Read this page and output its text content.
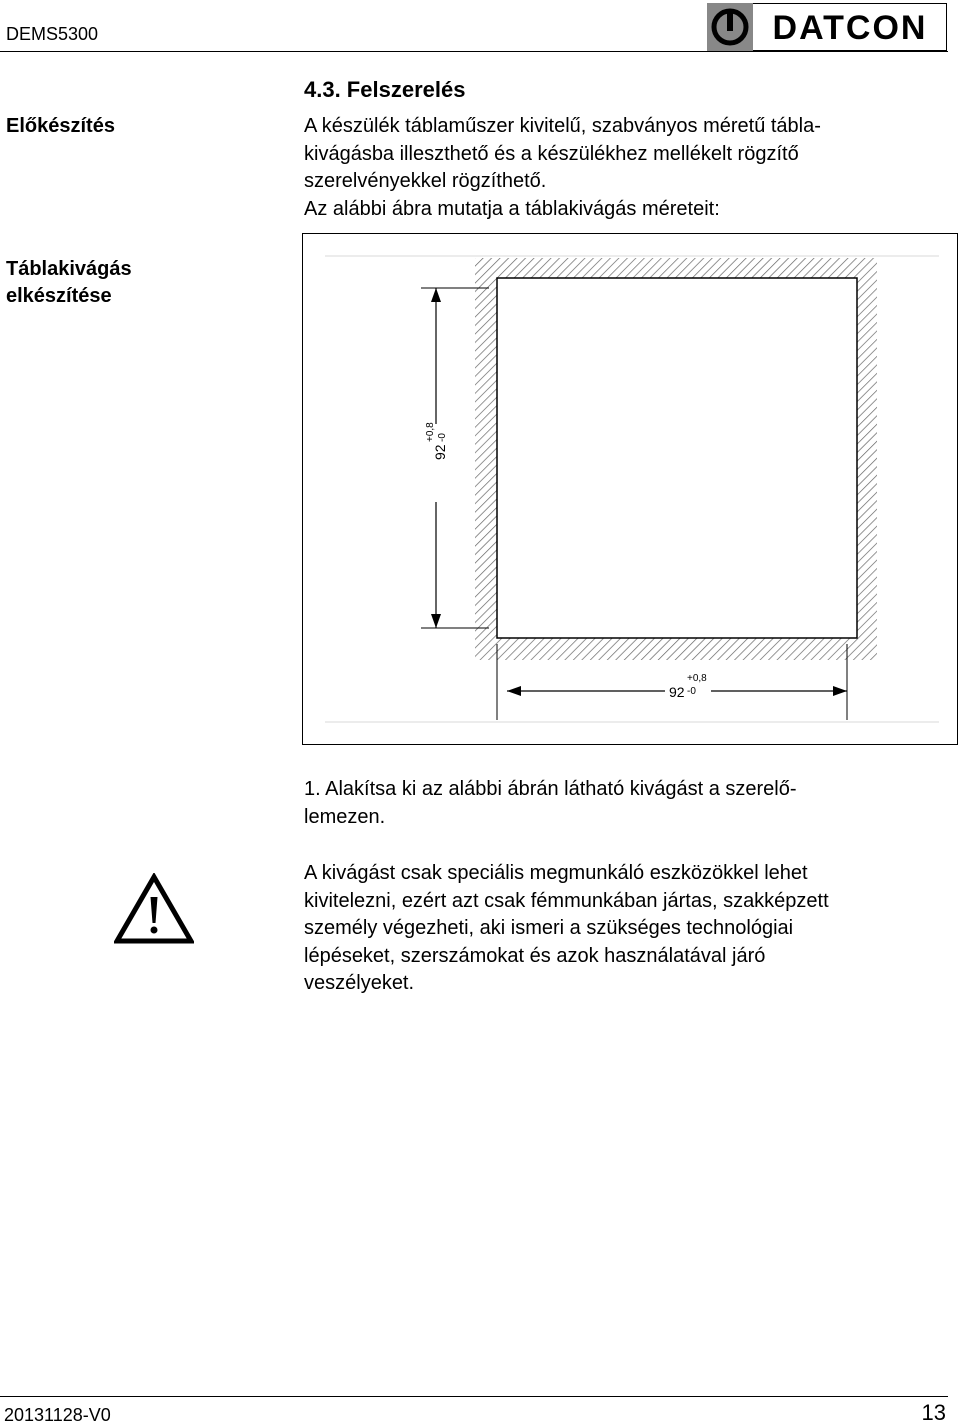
DEMS5300	DATCON
Előkészítés
Táblakivágás
elkészítése
4.3. Felszerelés

A készülék táblaműszer kivitelű, szabványos méretű tábla-

kivágásba illeszthető és a készülékhez mellékelt rögzítő

szerelvényekkel rögzíthető.

Az alábbi ábra mutatja a táblakivágás méreteit:

92
+0,8 -0
92
+0,8
-0

1. Alakítsa ki az alábbi ábrán látható kivágást a szerelő-

lemezen.

A kivágást csak speciális megmunkáló eszközökkel lehet

kivitelezni, ezért azt csak fémmunkában jártas, szakképzett

személy végezheti, aki ismeri a szükséges technológiai

lépéseket, szerszámokat és azok használatával járó

veszélyeket.

20131128-V0	13
